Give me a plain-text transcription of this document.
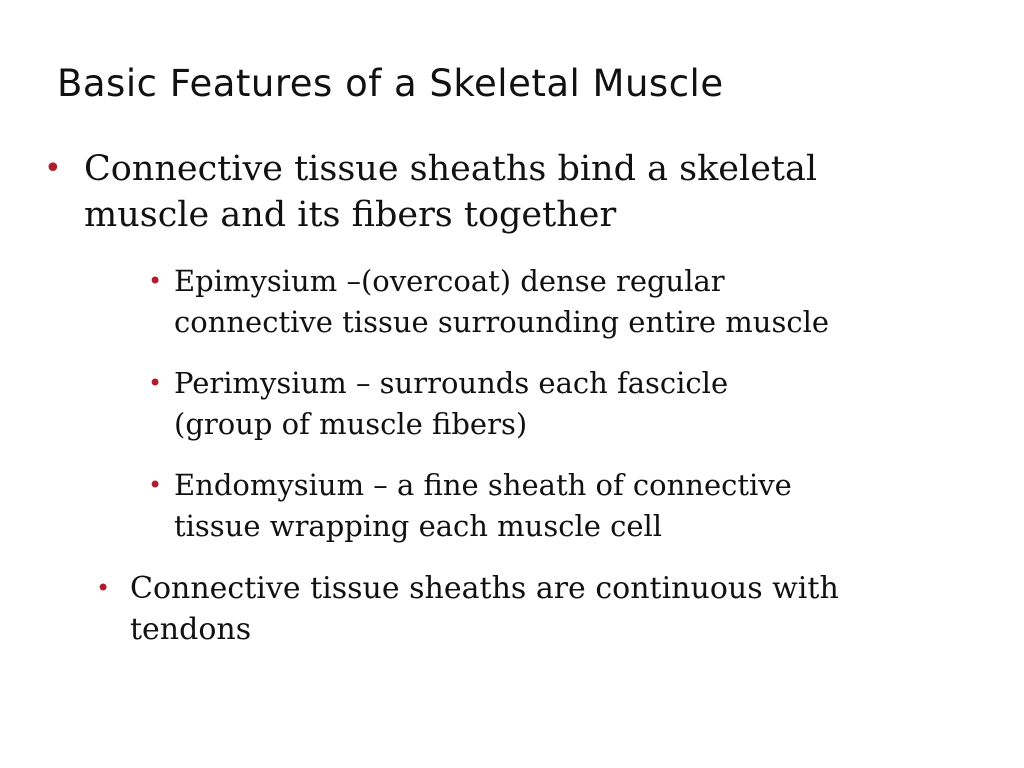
Basic Features of a Skeletal Muscle
• Connective tissue sheaths bind a skeletal
muscle and its fibers together
• Epimysium –(overcoat) dense regular
connective tissue surrounding entire muscle
• Perimysium – surrounds each fascicle
(group of muscle fibers)
• Endomysium – a fine sheath of connective
tissue wrapping each muscle cell
• Connective tissue sheaths are continuous with
tendons
